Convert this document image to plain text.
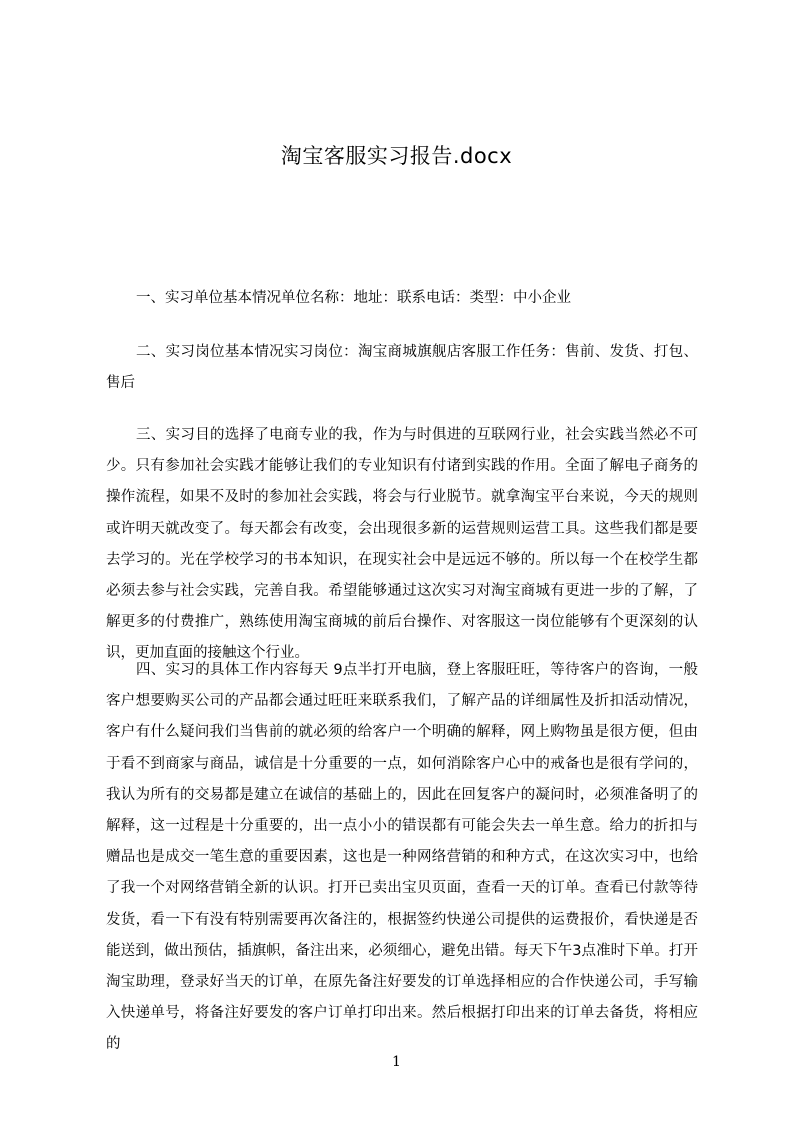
淘宝客服实习报告.docx

一、实习单位基本情况单位名称：地址：联系电话：类型：中小企业

二、实习岗位基本情况实习岗位：淘宝商城旗舰店客服工作任务：售前、发货、打包、售后

三、实习目的选择了电商专业的我，作为与时俱进的互联网行业，社会实践当然必不可少。只有参加社会实践才能够让我们的专业知识有付诸到实践的作用。全面了解电子商务的操作流程，如果不及时的参加社会实践，将会与行业脱节。就拿淘宝平台来说，今天的规则或许明天就改变了。每天都会有改变，会出现很多新的运营规则运营工具。这些我们都是要去学习的。光在学校学习的书本知识，在现实社会中是远远不够的。所以每一个在校学生都必须去参与社会实践，完善自我。希望能够通过这次实习对淘宝商城有更进一步的了解，了解更多的付费推广，熟练使用淘宝商城的前后台操作、对客服这一岗位能够有个更深刻的认识，更加直面的接触这个行业。

四、实习的具体工作内容每天 9点半打开电脑，登上客服旺旺，等待客户的咨询，一般客户想要购买公司的产品都会通过旺旺来联系我们，了解产品的详细属性及折扣活动情况，客户有什么疑问我们当售前的就必须的给客户一个明确的解释，网上购物虽是很方便，但由于看不到商家与商品，诚信是十分重要的一点，如何消除客户心中的戒备也是很有学问的，我认为所有的交易都是建立在诚信的基础上的，因此在回复客户的凝问时，必须准备明了的解释，这一过程是十分重要的，出一点小小的错误都有可能会失去一单生意。给力的折扣与赠品也是成交一笔生意的重要因素，这也是一种网络营销的和种方式，在这次实习中，也给了我一个对网络营销全新的认识。打开已卖出宝贝页面，查看一天的订单。查看已付款等待发货，看一下有没有特别需要再次备注的，根据签约快递公司提供的运费报价，看快递是否能送到，做出预估，插旗帜，备注出来，必须细心，避免出错。每天下午3点准时下单。打开淘宝助理，登录好当天的订单，在原先备注好要发的订单选择相应的合作快递公司，手写输入快递单号，将备注好要发的客户订单打印出来。然后根据打印出来的订单去备货，将相应的

1
